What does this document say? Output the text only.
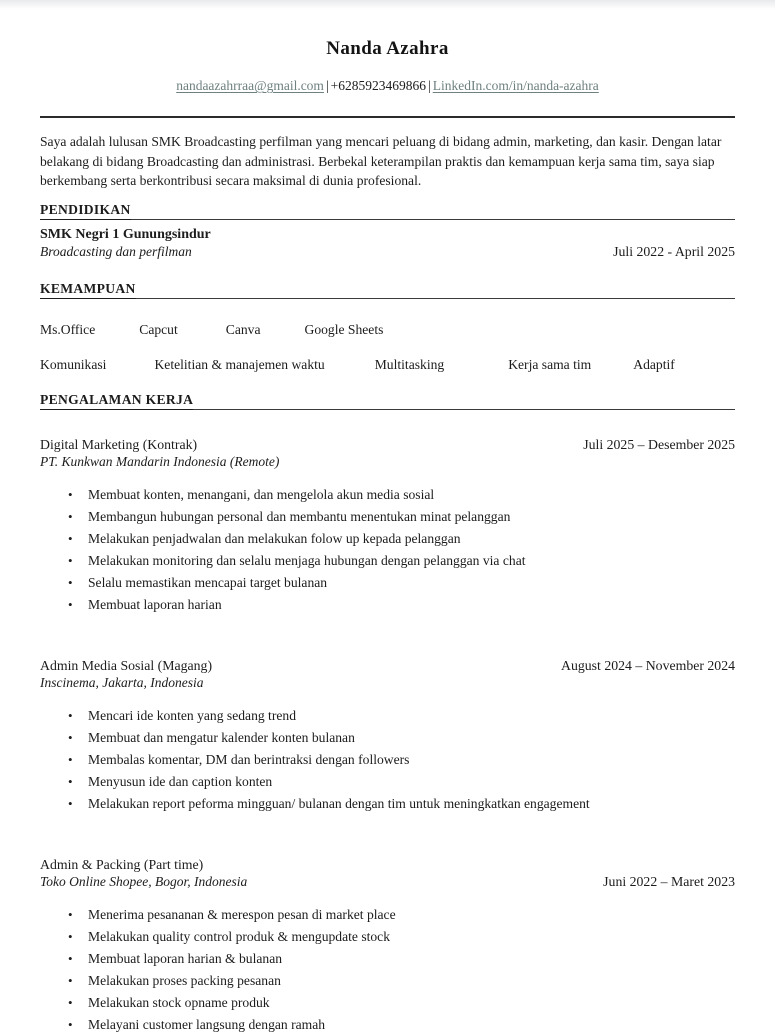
Nanda Azahra
nandaazahrraa@gmail.com | +6285923469866 | LinkedIn.com/in/nanda-azahra

Saya adalah lulusan SMK Broadcasting perfilman yang mencari peluang di bidang admin, marketing, dan kasir. Dengan latar belakang di bidang Broadcasting dan administrasi. Berbekal keterampilan praktis dan kemampuan kerja sama tim, saya siap berkembang serta berkontribusi secara maksimal di dunia profesional.

PENDIDIKAN
SMK Negri 1 Gunungsindur
Broadcasting dan perfilman	Juli 2022 - April 2025
KEMAMPUAN
Ms.Office	Capcut	Canva	Google Sheets
Komunikasi	Ketelitian & manajemen waktu	Multitasking	Kerja sama tim	Adaptif
PENGALAMAN KERJA
Digital Marketing (Kontrak)	Juli 2025 – Desember 2025
PT. Kunkwan Mandarin Indonesia (Remote)
• Membuat konten, menangani, dan mengelola akun media sosial
• Membangun hubungan personal dan membantu menentukan minat pelanggan
• Melakukan penjadwalan dan melakukan folow up kepada pelanggan
• Melakukan monitoring dan selalu menjaga hubungan dengan pelanggan via chat
• Selalu memastikan mencapai target bulanan
• Membuat laporan harian
Admin Media Sosial (Magang)	August 2024 – November 2024
Inscinema, Jakarta, Indonesia
• Mencari ide konten yang sedang trend
• Membuat dan mengatur kalender konten bulanan
• Membalas komentar, DM dan berintraksi dengan followers
• Menyusun ide dan caption konten
• Melakukan report peforma mingguan/ bulanan dengan tim untuk meningkatkan engagement
Admin & Packing (Part time)
Toko Online Shopee, Bogor, Indonesia	Juni 2022 – Maret 2023
• Menerima pesananan & merespon pesan di market place
• Melakukan quality control produk & mengupdate stock
• Membuat laporan harian & bulanan
• Melakukan proses packing pesanan
• Melakukan stock opname produk
• Melayani customer langsung dengan ramah
